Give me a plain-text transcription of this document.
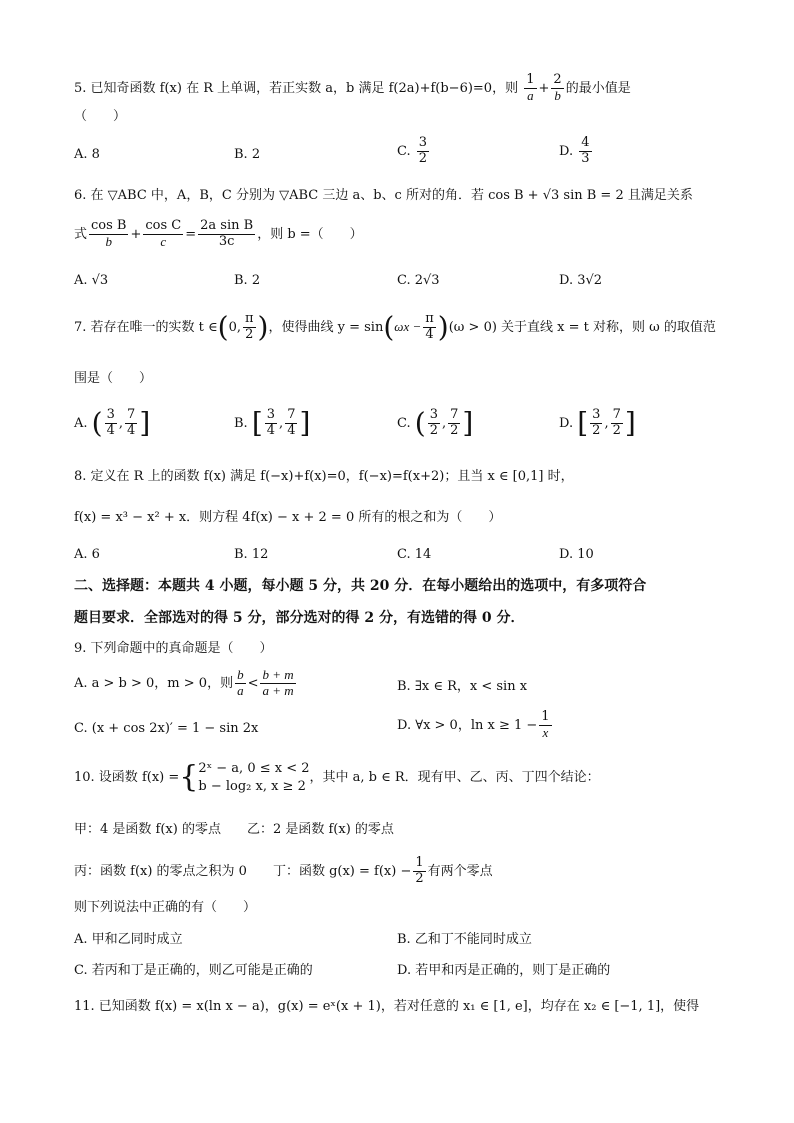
5. 已知奇函数 f(x) 在 R 上单调，若正实数 a，b 满足 f(2a)+f(b−6)=0，则 $\frac{1}{a} + \frac{2}{b}$ 的最小值是
（　　）
A. 8	B. 2	C. $\frac{3}{2}$	D. $\frac{4}{3}$
6. 在 ▽ABC 中，A，B，C 分别为 ▽ABC 三边 a、b、c 所对的角．若 cos B + √3 sin B = 2 且满足关系
式 $\frac{\text{cos B}}{b} + \frac{\text{cos C}}{c} = \frac{\text{2a sin B}}{3c}$ ，则 b =（　　）
A. √3	B. 2	C. 2√3	D. 3√2
7. 若存在唯一的实数 t ∈(0, $\frac{\pi}{2}$ )，使得曲线 $y = \sin(\omega x - \frac{\pi}{4} )(\omega > 0)$ 关于直线 x = t 对称，则 ω 的取值范
围是（　　）
A. ( $\frac{3}{4}$ , $\frac{7}{4}$ ]	B. [ $\frac{3}{4}$ , $\frac{7}{4}$ ]	C. ( $\frac{3}{2}$ , $\frac{7}{2}$ ]	D. [ $\frac{3}{2}$ , $\frac{7}{2}$ ]
8. 定义在 R 上的函数 f(x) 满足 f(−x)+f(x)=0，f(−x)=f(x+2)；且当 x ∈ [0,1] 时，
f(x) = x³ − x² + x．则方程 4f(x) − x + 2 = 0 所有的根之和为（　　）
A. 6	B. 12	C. 14	D. 10
二、选择题：本题共 4 小题，每小题 5 分，共 20 分．在每小题给出的选项中，有多项符合
题目要求．全部选对的得 5 分，部分选对的得 2 分，有选错的得 0 分．
9. 下列命题中的真命题是（　　）
A. a > b > 0，m > 0，则 $\frac{b}{a} < \frac{b + m}{a + m}$	B. ∃x ∈ R，x < sin x
C. (x + cos 2x)′ = 1 − sin 2x	D. ∀x > 0，$\ln x \ge 1 - \frac{1}{x}$
10. 设函数 f(x) ={ 2ˣ − a, 0 ≤ x < 2
b − log₂ x, x ≥ 2
，其中 a, b ∈ R．现有甲、乙、丙、丁四个结论：
甲：4 是函数 f(x) 的零点　　乙：2 是函数 f(x) 的零点
丙：函数 f(x) 的零点之积为 0　　丁：函数 $g(x) = f(x) - \frac{1}{2}$ 有两个零点
则下列说法中正确的有（　　）
A. 甲和乙同时成立	B. 乙和丁不能同时成立
C. 若丙和丁是正确的，则乙可能是正确的	D. 若甲和丙是正确的，则丁是正确的
11. 已知函数 f(x) = x(ln x − a)，g(x) = eˣ(x + 1)，若对任意的 x₁ ∈ [1, e]，均存在 x₂ ∈ [−1, 1]，使得
